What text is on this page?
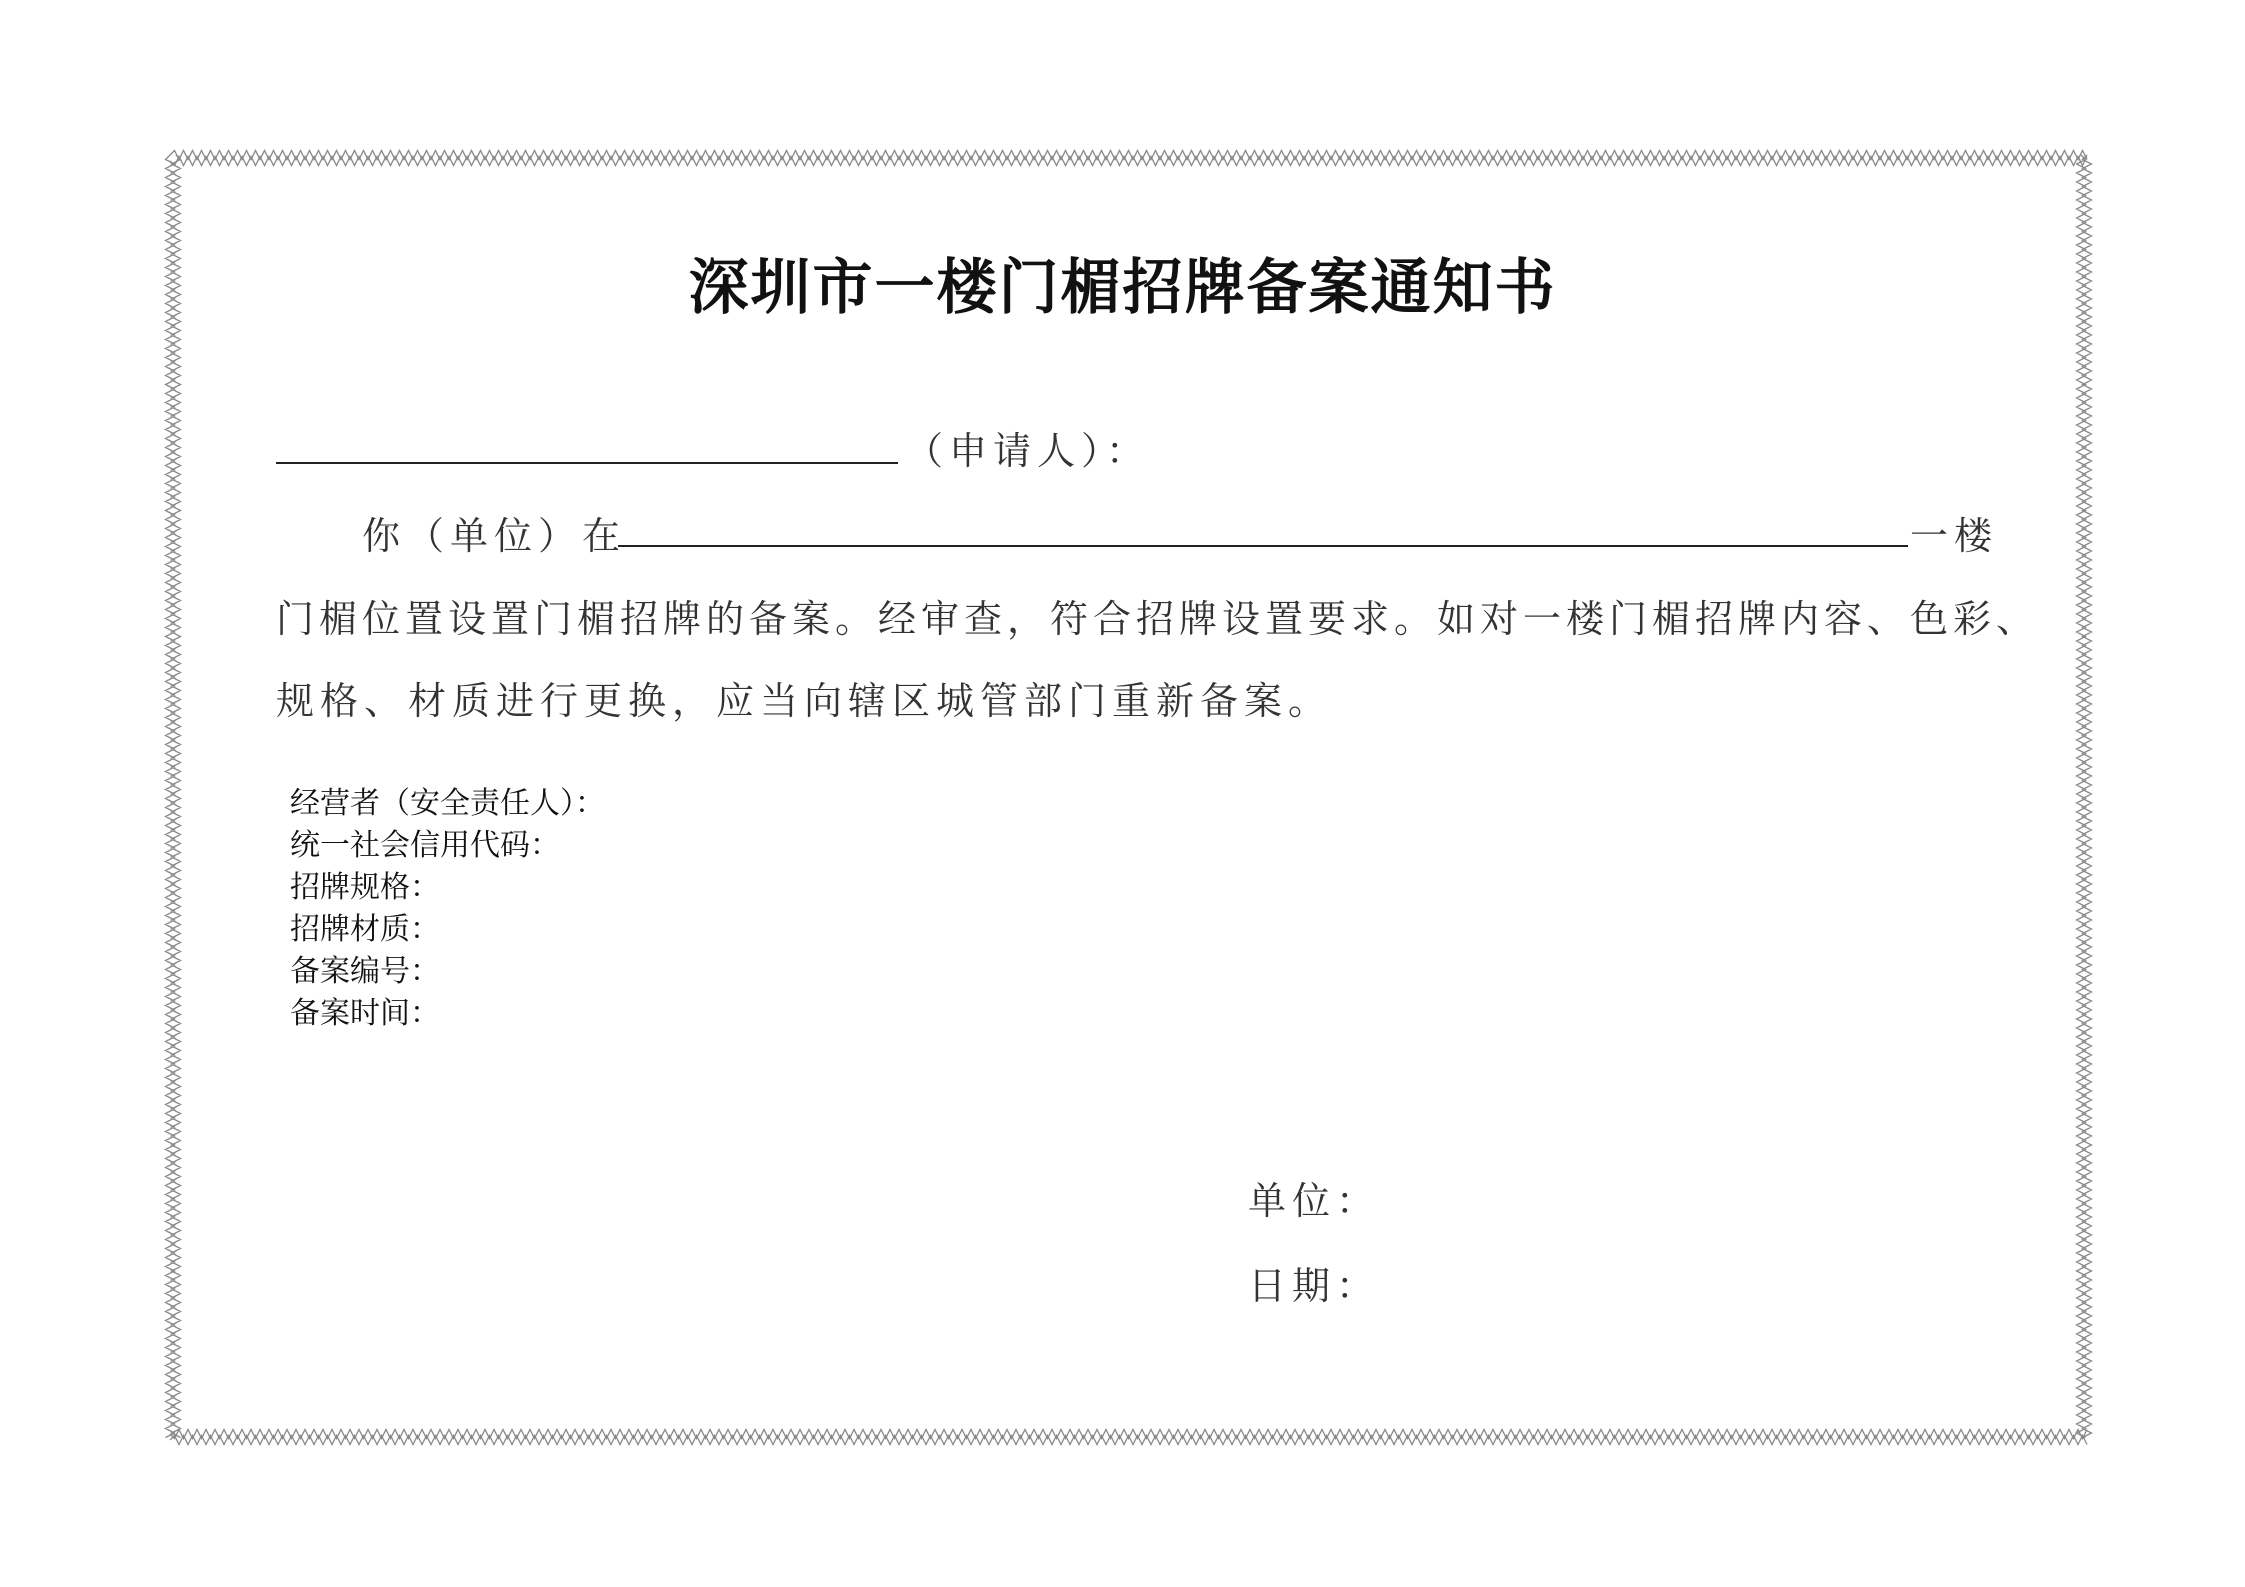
深圳市一楼门楣招牌备案通知书
（申请人）：
你（单位）在	一楼
门楣位置设置门楣招牌的备案。经审查，符合招牌设置要求。如对一楼门楣招牌内容、色彩、
规格、材质进行更换，应当向辖区城管部门重新备案。
经营者（安全责任人）：
统一社会信用代码：
招牌规格：
招牌材质：
备案编号：
备案时间：
单位：
日期：
